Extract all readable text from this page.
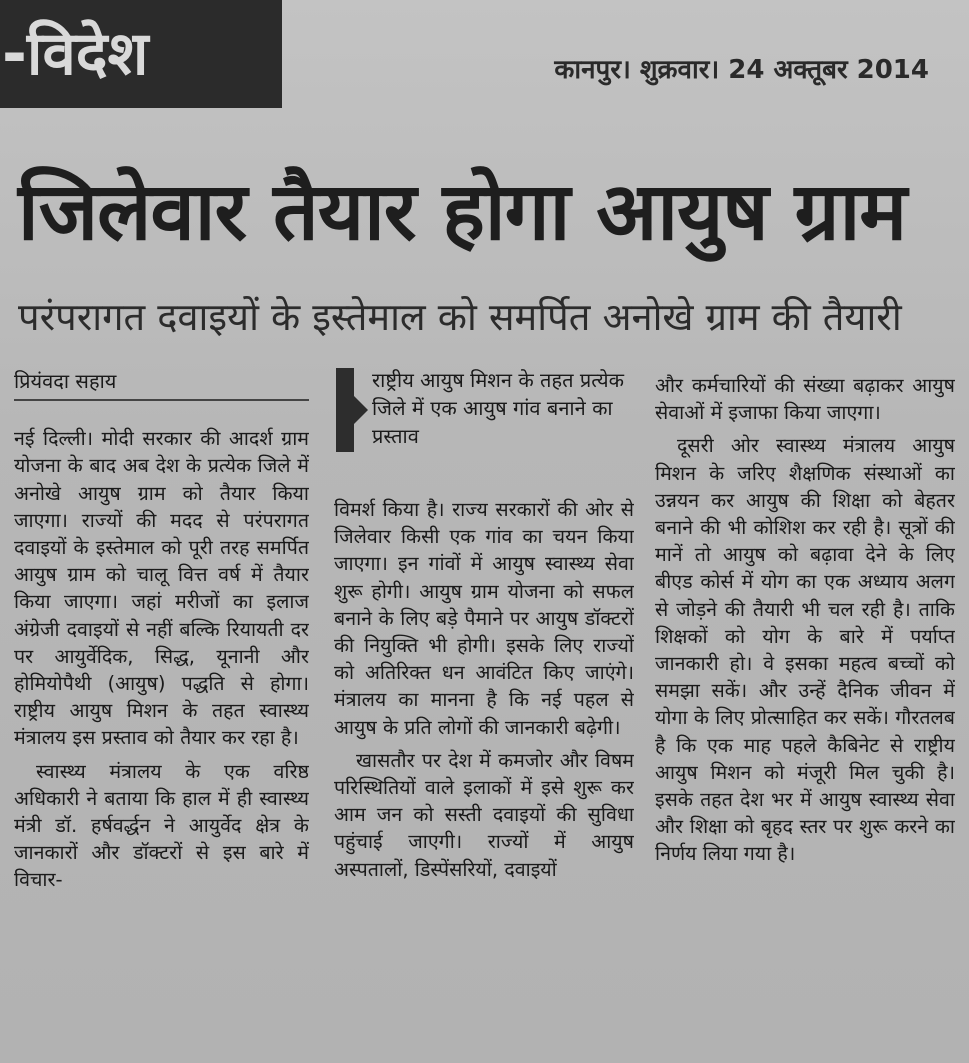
-विदेश	कानपुर। शुक्रवार। 24 अक्तूबर 2014
जिलेवार तैयार होगा आयुष ग्राम
परंपरागत दवाइयों के इस्तेमाल को समर्पित अनोखे ग्राम की तैयारी
प्रियंवदा सहाय

नई दिल्ली। मोदी सरकार की आदर्श ग्राम योजना के बाद अब देश के प्रत्येक जिले में अनोखे आयुष ग्राम को तैयार किया जाएगा। राज्यों की मदद से परंपरागत दवाइयों के इस्तेमाल को पूरी तरह समर्पित आयुष ग्राम को चालू वित्त वर्ष में तैयार किया जाएगा। जहां मरीजों का इलाज अंग्रेजी दवाइयों से नहीं बल्कि रियायती दर पर आयुर्वेदिक, सिद्ध, यूनानी और होमियोपैथी (आयुष) पद्धति से होगा। राष्ट्रीय आयुष मिशन के तहत स्वास्थ्य मंत्रालय इस प्रस्ताव को तैयार कर रहा है।

स्वास्थ्य मंत्रालय के एक वरिष्ठ अधिकारी ने बताया कि हाल में ही स्वास्थ्य मंत्री डॉ. हर्षवर्द्धन ने आयुर्वेद क्षेत्र के जानकारों और डॉक्टरों से इस बारे में विचार-

राष्ट्रीय आयुष मिशन के तहत प्रत्येक जिले में एक आयुष गांव बनाने का प्रस्ताव

विमर्श किया है। राज्य सरकारों की ओर से जिलेवार किसी एक गांव का चयन किया जाएगा। इन गांवों में आयुष स्वास्थ्य सेवा शुरू होगी। आयुष ग्राम योजना को सफल बनाने के लिए बड़े पैमाने पर आयुष डॉक्टरों की नियुक्ति भी होगी। इसके लिए राज्यों को अतिरिक्त धन आवंटित किए जाएंगे। मंत्रालय का मानना है कि नई पहल से आयुष के प्रति लोगों की जानकारी बढ़ेगी।

खासतौर पर देश में कमजोर और विषम परिस्थितियों वाले इलाकों में इसे शुरू कर आम जन को सस्ती दवाइयों की सुविधा पहुंचाई जाएगी। राज्यों में आयुष अस्पतालों, डिस्पेंसरियों, दवाइयों

और कर्मचारियों की संख्या बढ़ाकर आयुष सेवाओं में इजाफा किया जाएगा।

दूसरी ओर स्वास्थ्य मंत्रालय आयुष मिशन के जरिए शैक्षणिक संस्थाओं का उन्नयन कर आयुष की शिक्षा को बेहतर बनाने की भी कोशिश कर रही है। सूत्रों की मानें तो आयुष को बढ़ावा देने के लिए बीएड कोर्स में योग का एक अध्याय अलग से जोड़ने की तैयारी भी चल रही है। ताकि शिक्षकों को योग के बारे में पर्याप्त जानकारी हो। वे इसका महत्व बच्चों को समझा सकें। और उन्हें दैनिक जीवन में योगा के लिए प्रोत्साहित कर सकें। गौरतलब है कि एक माह पहले कैबिनेट से राष्ट्रीय आयुष मिशन को मंजूरी मिल चुकी है। इसके तहत देश भर में आयुष स्वास्थ्य सेवा और शिक्षा को बृहद स्तर पर शुरू करने का निर्णय लिया गया है।
